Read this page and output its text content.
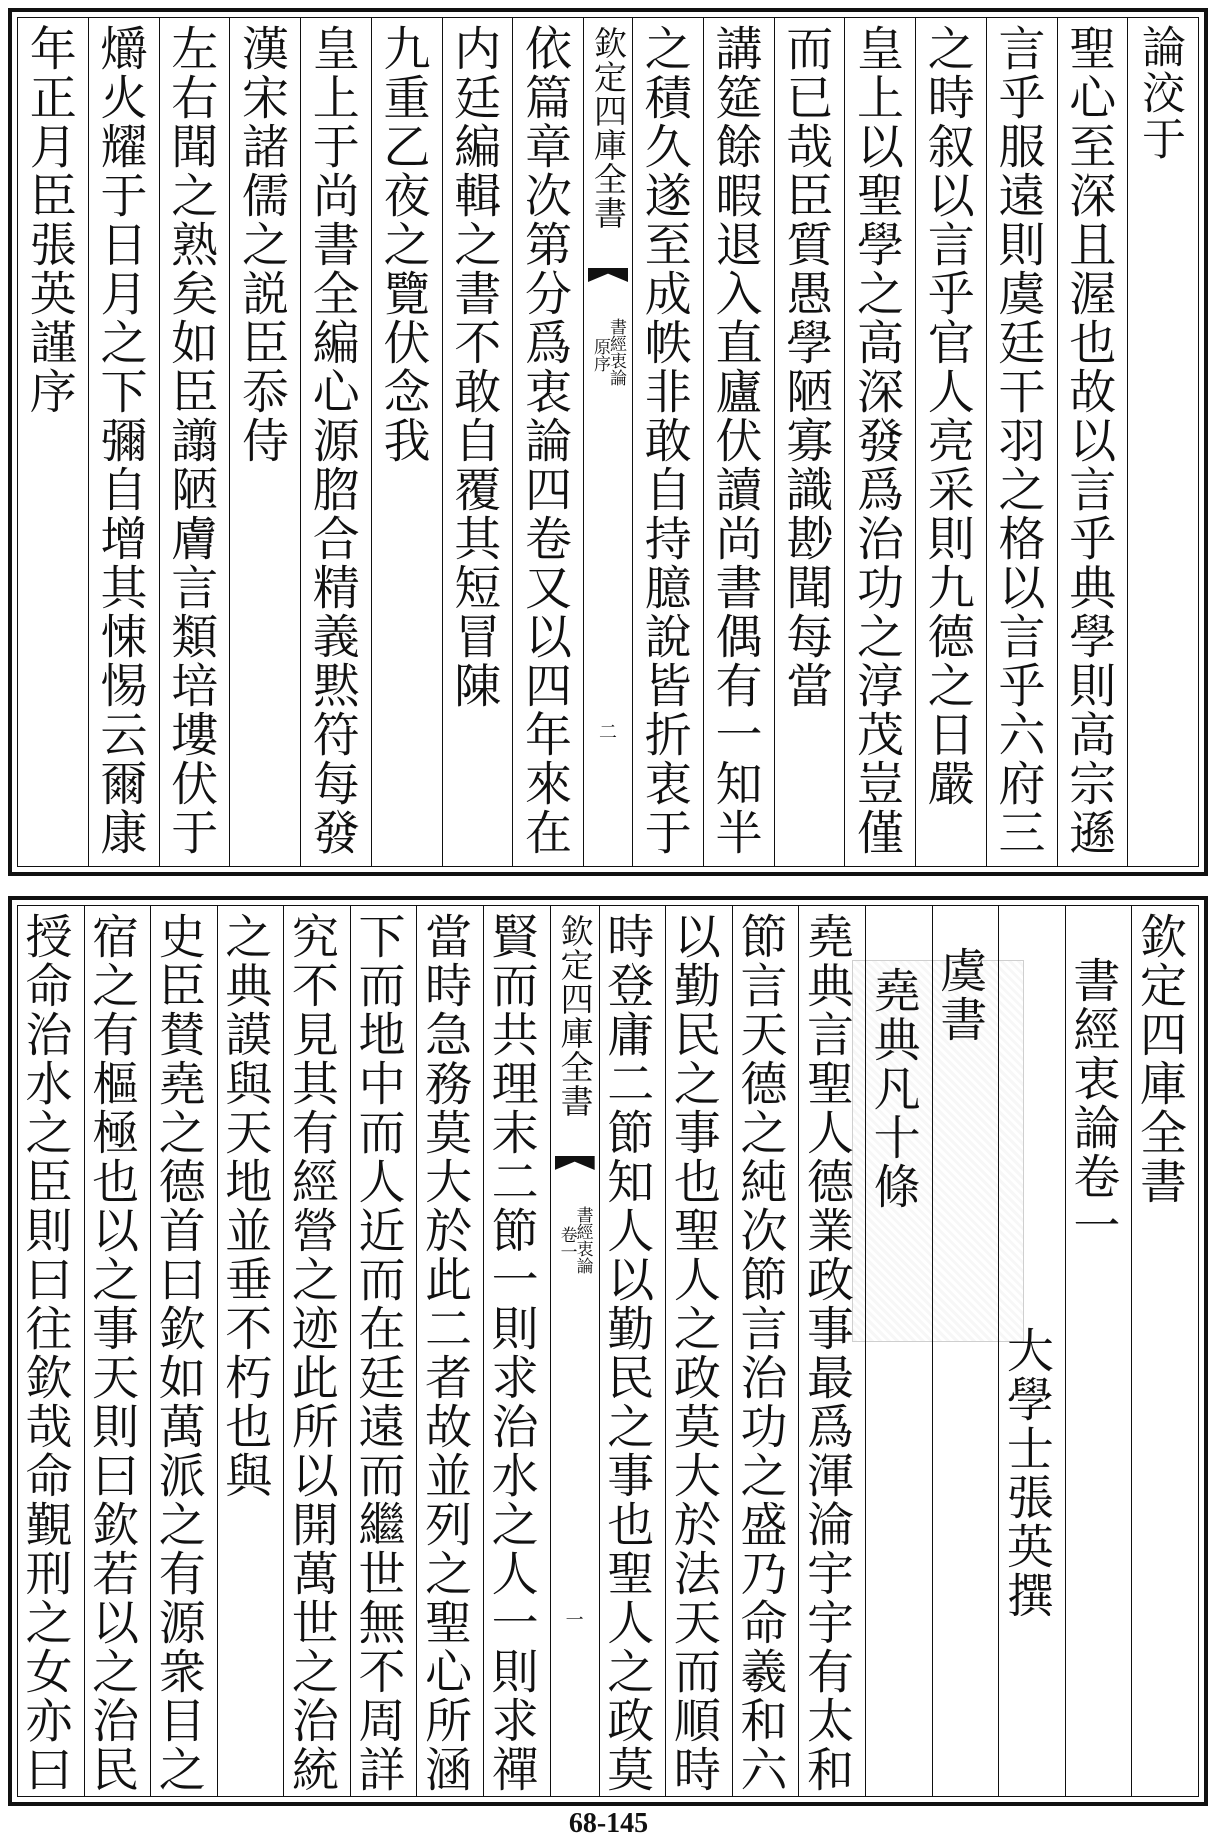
論洨于
聖心至深且渥也故以言乎典學則高宗遜
言乎服遠則虞廷干羽之格以言乎六府三
之時叙以言乎官人亮采則九德之日嚴
皇上以聖學之高深發爲治功之淳茂豈僅
而已哉臣質愚學陋寡識尠聞每當
講筵餘暇退入直廬伏讀尚書偶有一知半
之積久遂至成帙非敢自持臆說皆折衷于
欽定四庫全書
書經衷論
原序
二
依篇章次第分爲衷論四卷又以四年來在
内廷編輯之書不敢自覆其短冒陳
九重乙夜之覽伏念我
皇上于尚書全編心源脗合精義黙符每發
漢宋諸儒之説臣忝侍
左右聞之熟矣如臣譾陋膚言類培塿伏于
爝火耀于日月之下彌自增其悚惕云爾康
年正月臣張英謹序
欽定四庫全書
書經衷論卷一
大學士張英撰
虞書
堯典凡十條
堯典言聖人德業政事最爲渾淪宇宇有太和
節言天德之純次節言治功之盛乃命羲和六
以勤民之事也聖人之政莫大於法天而順時
時登庸二節知人以勤民之事也聖人之政莫
欽定四庫全書
書經衷論
卷一
一
賢而共理末二節一則求治水之人一則求禪
當時急務莫大於此二者故並列之聖心所涵
下而地中而人近而在廷遠而繼世無不周詳
究不見其有經營之迹此所以開萬世之治統
之典謨與天地並垂不朽也與
史臣賛堯之德首曰欽如萬派之有源衆目之
宿之有樞極也以之事天則曰欽若以之治民
授命治水之臣則曰往欽哉命覲刑之女亦曰
68-145
